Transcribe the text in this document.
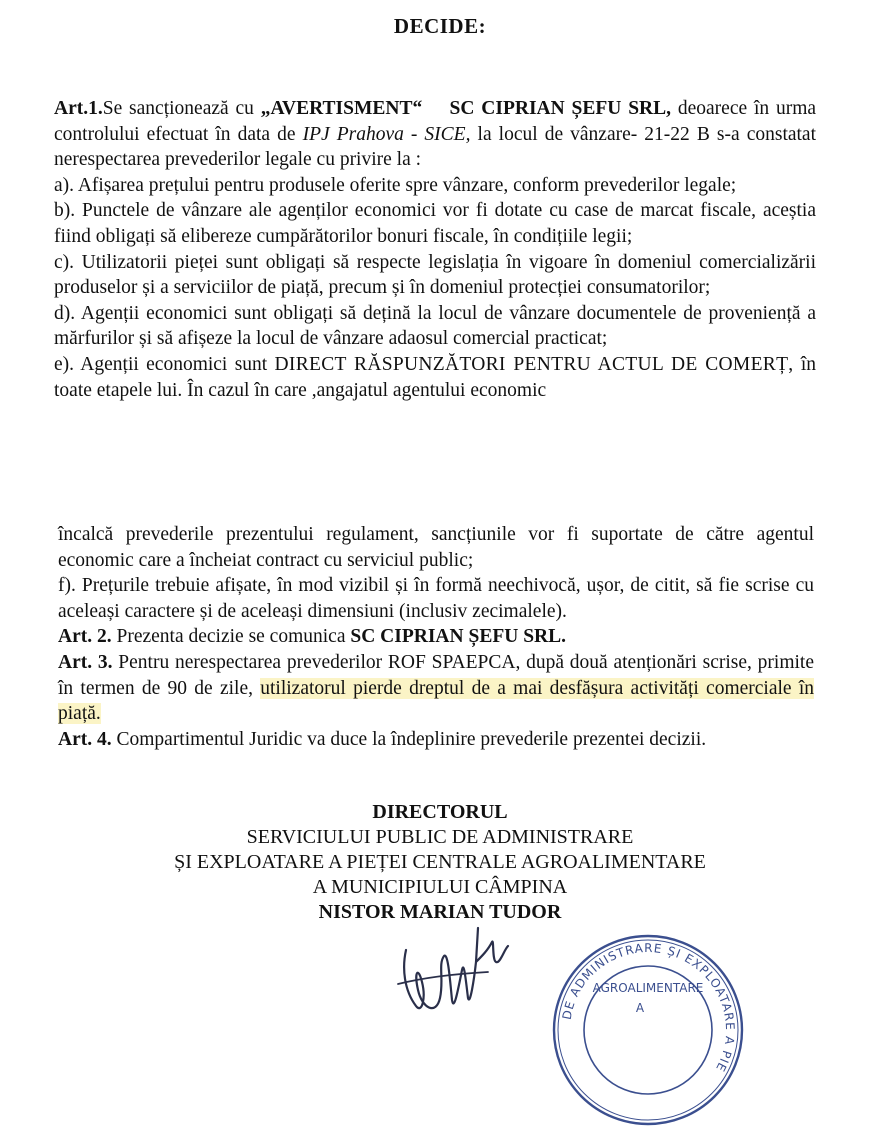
DECIDE:

Art.1.Se sancționează cu „AVERTISMENT“ SC CIPRIAN ȘEFU SRL, deoarece în urma controlului efectuat în data de IPJ Prahova - SICE, la locul de vânzare- 21-22 B s-a constatat nerespectarea prevederilor legale cu privire la :

a). Afișarea prețului pentru produsele oferite spre vânzare, conform prevederilor legale;

b). Punctele de vânzare ale agenților economici vor fi dotate cu case de marcat fiscale, aceștia fiind obligați să elibereze cumpărătorilor bonuri fiscale, în condițiile legii;

c). Utilizatorii pieței sunt obligați să respecte legislația în vigoare în domeniul comercializării produselor și a serviciilor de piață, precum și în domeniul protecției consumatorilor;

d). Agenții economici sunt obligați să dețină la locul de vânzare documentele de proveniență a mărfurilor și să afișeze la locul de vânzare adaosul comercial practicat;

e). Agenții economici sunt DIRECT RĂSPUNZĂTORI PENTRU ACTUL DE COMERȚ, în toate etapele lui. În cazul în care ,angajatul agentului economic

încalcă prevederile prezentului regulament, sancțiunile vor fi suportate de către agentul economic care a încheiat contract cu serviciul public;

f). Prețurile trebuie afișate, în mod vizibil și în formă neechivocă, ușor, de citit, să fie scrise cu aceleași caractere și de aceleași dimensiuni (inclusiv zecimalele).

Art. 2. Prezenta decizie se comunica SC CIPRIAN ȘEFU SRL.

Art. 3. Pentru nerespectarea prevederilor ROF SPAEPCA, după două atenționări scrise, primite în termen de 90 de zile, utilizatorul pierde dreptul de a mai desfășura activități comerciale în piață.

Art. 4. Compartimentul Juridic va duce la îndeplinire prevederile prezentei decizii.

DIRECTORUL
SERVICIULUI PUBLIC DE ADMINISTRARE
ȘI EXPLOATARE A PIEȚEI CENTRALE AGROALIMENTARE
A MUNICIPIULUI CÂMPINA
NISTOR MARIAN TUDOR
DE ADMINISTRARE ȘI EXPLOATARE A PIE
AGROALIMENTARE
A
